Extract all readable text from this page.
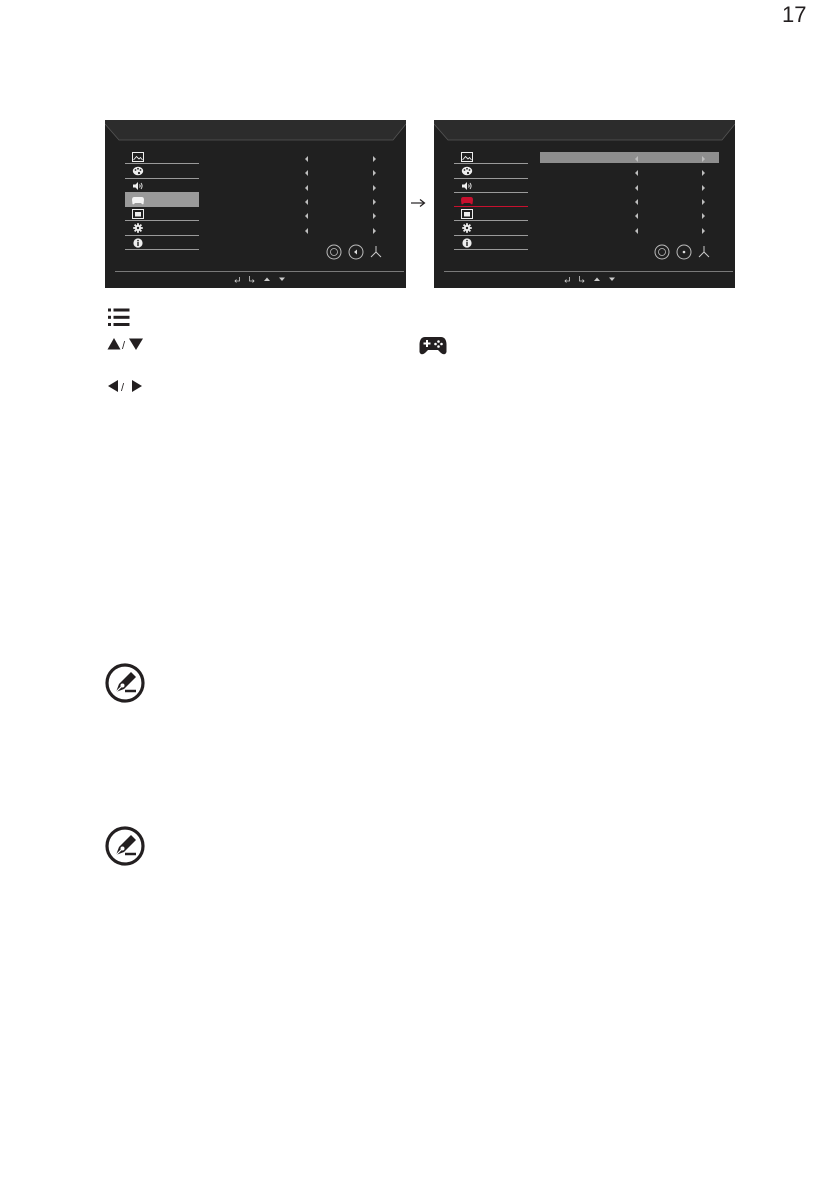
17
/
/
